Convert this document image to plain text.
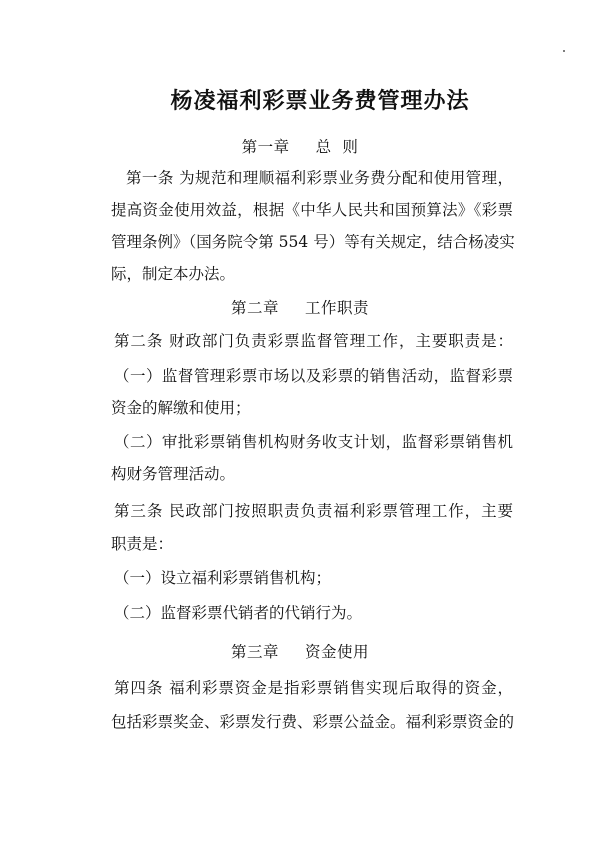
杨凌福利彩票业务费管理办法
第一章 总  则
第一条 为规范和理顺福利彩票业务费分配和使用管理，
提高资金使用效益，根据《中华人民共和国预算法》《彩票
管理条例》（国务院令第 554 号）等有关规定，结合杨凌实
际，制定本办法。
第二章 工作职责
第二条 财政部门负责彩票监督管理工作，主要职责是：
（一）监督管理彩票市场以及彩票的销售活动，监督彩票
资金的解缴和使用；
（二）审批彩票销售机构财务收支计划，监督彩票销售机
构财务管理活动。
第三条 民政部门按照职责负责福利彩票管理工作，主要
职责是：
（一）设立福利彩票销售机构；
（二）监督彩票代销者的代销行为。
第三章 资金使用
第四条 福利彩票资金是指彩票销售实现后取得的资金，
包括彩票奖金、彩票发行费、彩票公益金。福利彩票资金的
